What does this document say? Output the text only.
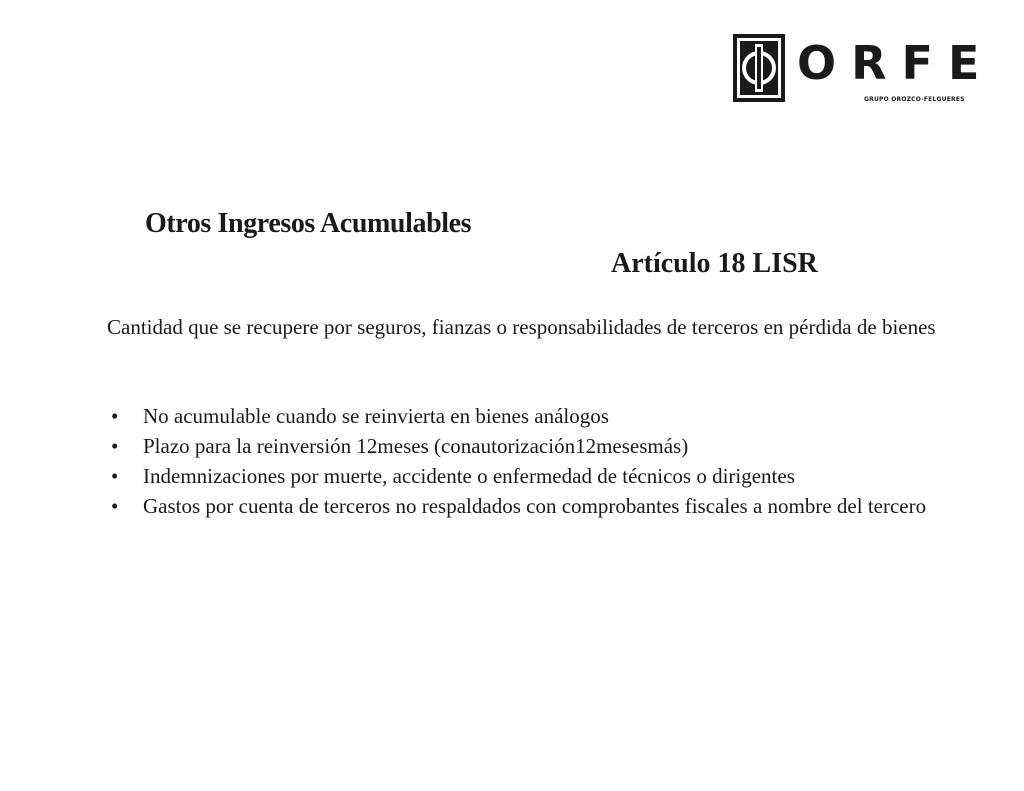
ORFE
GRUPO OROZCO-FELGUERES
Otros Ingresos Acumulables
Artículo 18 LISR

Cantidad que se recupere por seguros, fianzas o responsabilidades de terceros en pérdida de bienes

• No acumulable cuando se reinvierta en bienes análogos
• Plazo para la reinversión 12meses (conautorización12mesesmás)
• Indemnizaciones por muerte, accidente o enfermedad de técnicos o dirigentes
• Gastos por cuenta de terceros no respaldados con comprobantes fiscales a nombre del tercero
